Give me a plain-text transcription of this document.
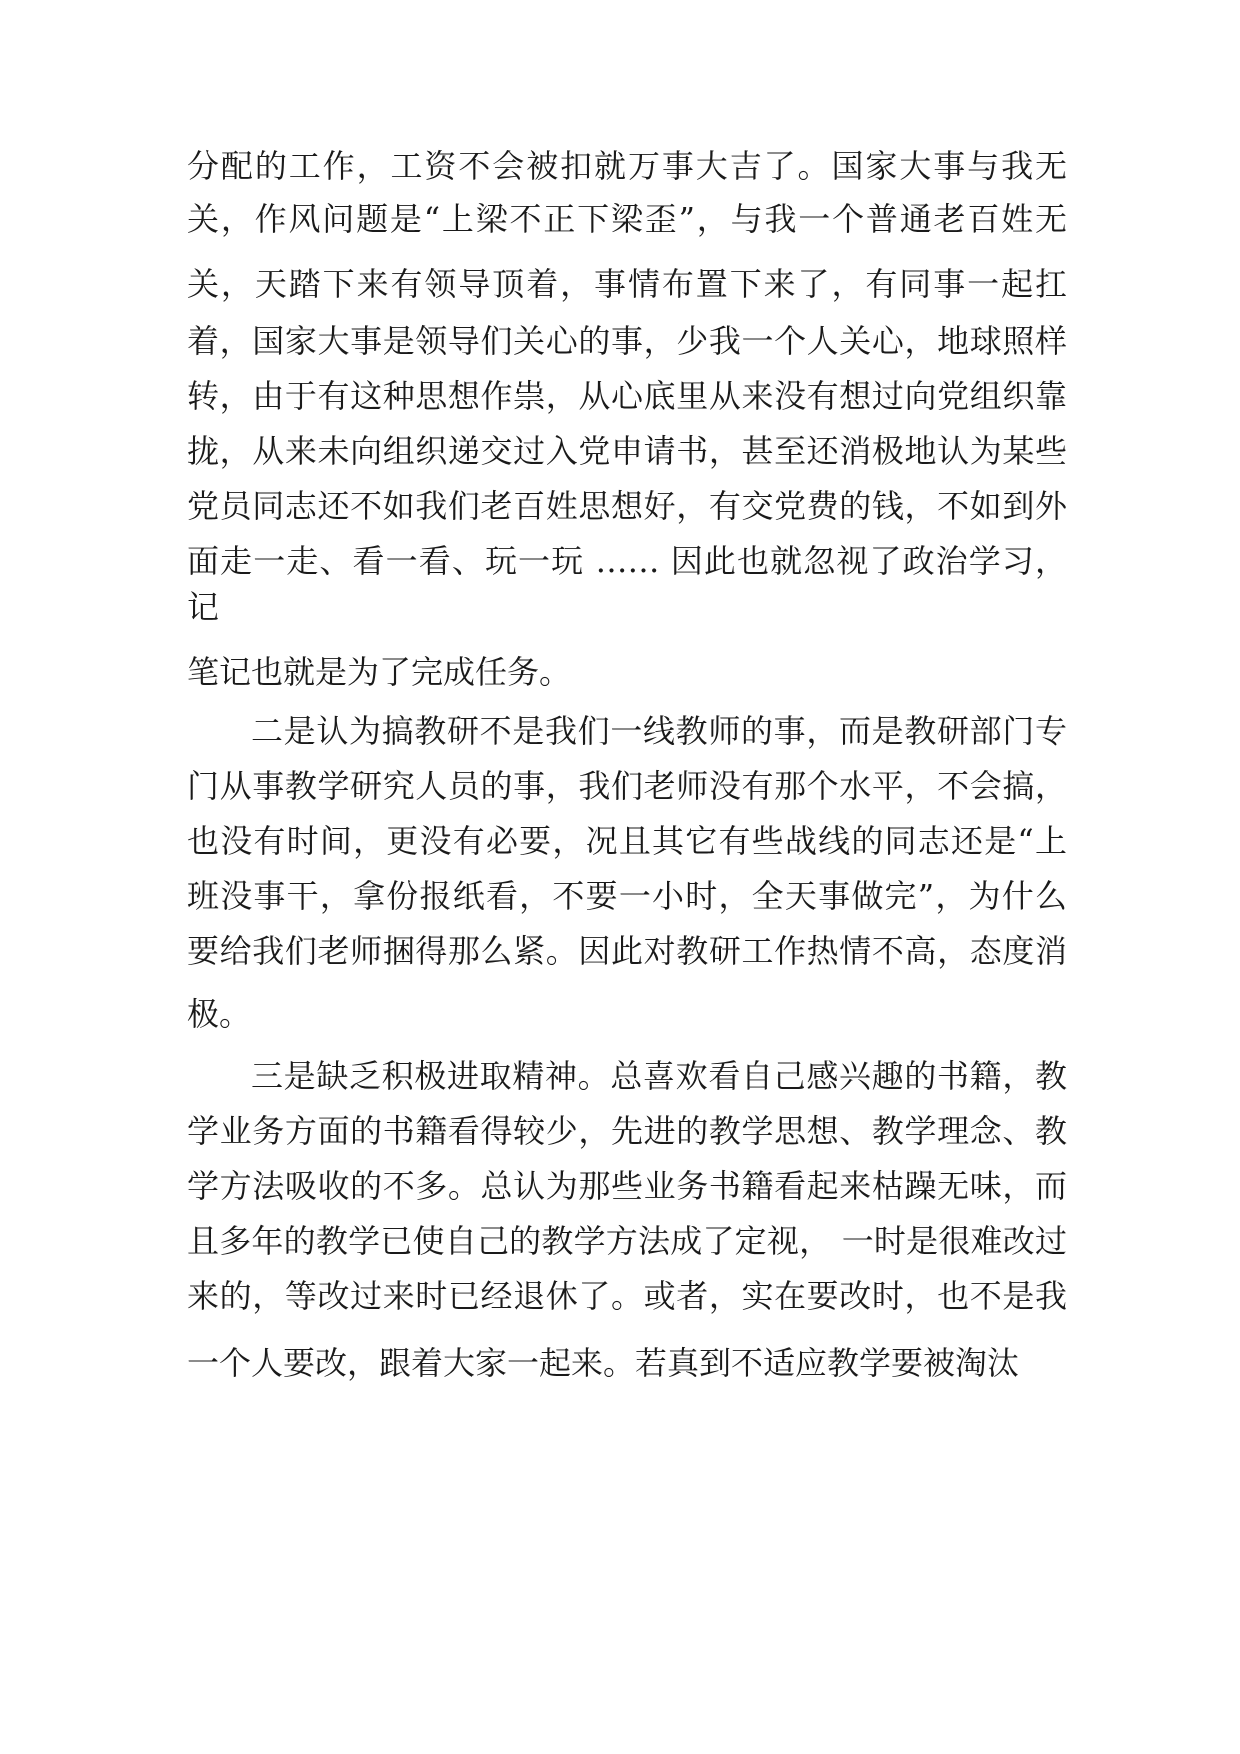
分配的工作，工资不会被扣就万事大吉了。国家大事与我无

关，作风问题是“上梁不正下梁歪”，与我一个普通老百姓无

关，天踏下来有领导顶着，事情布置下来了，有同事一起扛

着，国家大事是领导们关心的事，少我一个人关心，地球照样

转，由于有这种思想作祟，从心底里从来没有想过向党组织靠

拢，从来未向组织递交过入党申请书，甚至还消极地认为某些

党员同志还不如我们老百姓思想好，有交党费的钱，不如到外

面走一走、看一看、玩一玩 …… 因此也就忽视了政治学习，

记

笔记也就是为了完成任务。

二是认为搞教研不是我们一线教师的事，而是教研部门专

门从事教学研究人员的事，我们老师没有那个水平，不会搞，

也没有时间，更没有必要，况且其它有些战线的同志还是“上

班没事干，拿份报纸看，不要一小时，全天事做完”，为什么

要给我们老师捆得那么紧。因此对教研工作热情不高，态度消

极。

三是缺乏积极进取精神。总喜欢看自己感兴趣的书籍，教

学业务方面的书籍看得较少，先进的教学思想、教学理念、教

学方法吸收的不多。总认为那些业务书籍看起来枯躁无味，而

且多年的教学已使自己的教学方法成了定视， 一时是很难改过

来的，等改过来时已经退休了。或者，实在要改时，也不是我

一个人要改，跟着大家一起来。若真到不适应教学要被淘汰
